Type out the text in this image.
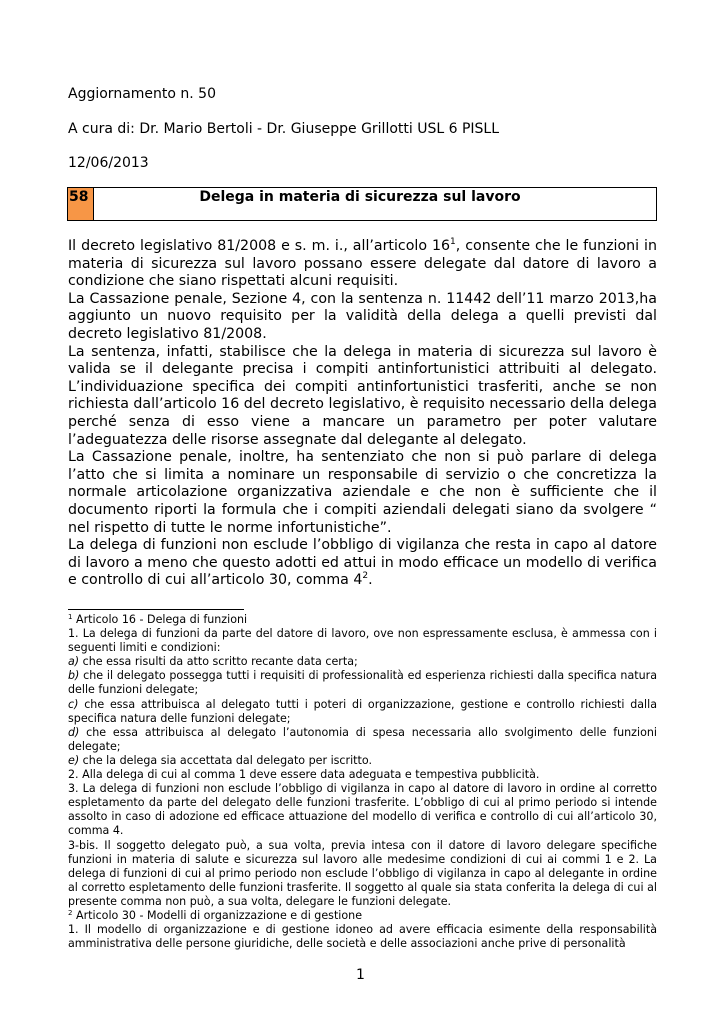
Aggiornamento n. 50
A cura di: Dr. Mario Bertoli - Dr. Giuseppe Grillotti USL 6 PISLL
12/06/2013
58	Delega in materia di sicurezza sul lavoro

Il decreto legislativo 81/2008 e s. m. i., all’articolo $16^1$, consente che le funzioni in materia di sicurezza sul lavoro possano essere delegate dal datore di lavoro a condizione che siano rispettati alcuni requisiti.

La Cassazione penale, Sezione 4, con la sentenza n. 11442 dell’11 marzo 2013,ha aggiunto un nuovo requisito per la validità della delega a quelli previsti dal decreto legislativo 81/2008.

La sentenza, infatti, stabilisce che la delega in materia di sicurezza sul lavoro è valida se il delegante precisa i compiti antinfortunistici attribuiti al delegato. L’individuazione specifica dei compiti antinfortunistici trasferiti, anche se non richiesta dall’articolo 16 del decreto legislativo, è requisito necessario della delega perché senza di esso viene a mancare un parametro per poter valutare l’adeguatezza delle risorse assegnate dal delegante al delegato.

La Cassazione penale, inoltre, ha sentenziato che non si può parlare di delega l’atto che si limita a nominare un responsabile di servizio o che concretizza la normale articolazione organizzativa aziendale e che non è sufficiente che il documento riporti la formula che i compiti aziendali delegati siano da svolgere “ nel rispetto di tutte le norme infortunistiche”.

La delega di funzioni non esclude l’obbligo di vigilanza che resta in capo al datore di lavoro a meno che questo adotti ed attui in modo efficace un modello di verifica e controllo di cui all’articolo 30, comma $4^2$.

$^1$ Articolo 16 - Delega di funzioni

1. La delega di funzioni da parte del datore di lavoro, ove non espressamente esclusa, è ammessa con i seguenti limiti e condizioni:

a) che essa risulti da atto scritto recante data certa;

b) che il delegato possegga tutti i requisiti di professionalità ed esperienza richiesti dalla specifica natura delle funzioni delegate;

c) che essa attribuisca al delegato tutti i poteri di organizzazione, gestione e controllo richiesti dalla specifica natura delle funzioni delegate;

d) che essa attribuisca al delegato l’autonomia di spesa necessaria allo svolgimento delle funzioni delegate;

e) che la delega sia accettata dal delegato per iscritto.

2. Alla delega di cui al comma 1 deve essere data adeguata e tempestiva pubblicità.

3. La delega di funzioni non esclude l’obbligo di vigilanza in capo al datore di lavoro in ordine al corretto espletamento da parte del delegato delle funzioni trasferite. L’obbligo di cui al primo periodo si intende assolto in caso di adozione ed efficace attuazione del modello di verifica e controllo di cui all’articolo 30, comma 4.

3-bis. Il soggetto delegato può, a sua volta, previa intesa con il datore di lavoro delegare specifiche funzioni in materia di salute e sicurezza sul lavoro alle medesime condizioni di cui ai commi 1 e 2. La delega di funzioni di cui al primo periodo non esclude l’obbligo di vigilanza in capo al delegante in ordine al corretto espletamento delle funzioni trasferite. Il soggetto al quale sia stata conferita la delega di cui al presente comma non può, a sua volta, delegare le funzioni delegate.

$^2$ Articolo 30 - Modelli di organizzazione e di gestione

1. Il modello di organizzazione e di gestione idoneo ad avere efficacia esimente della responsabilità amministrativa delle persone giuridiche, delle società e delle associazioni anche prive di personalità

1
